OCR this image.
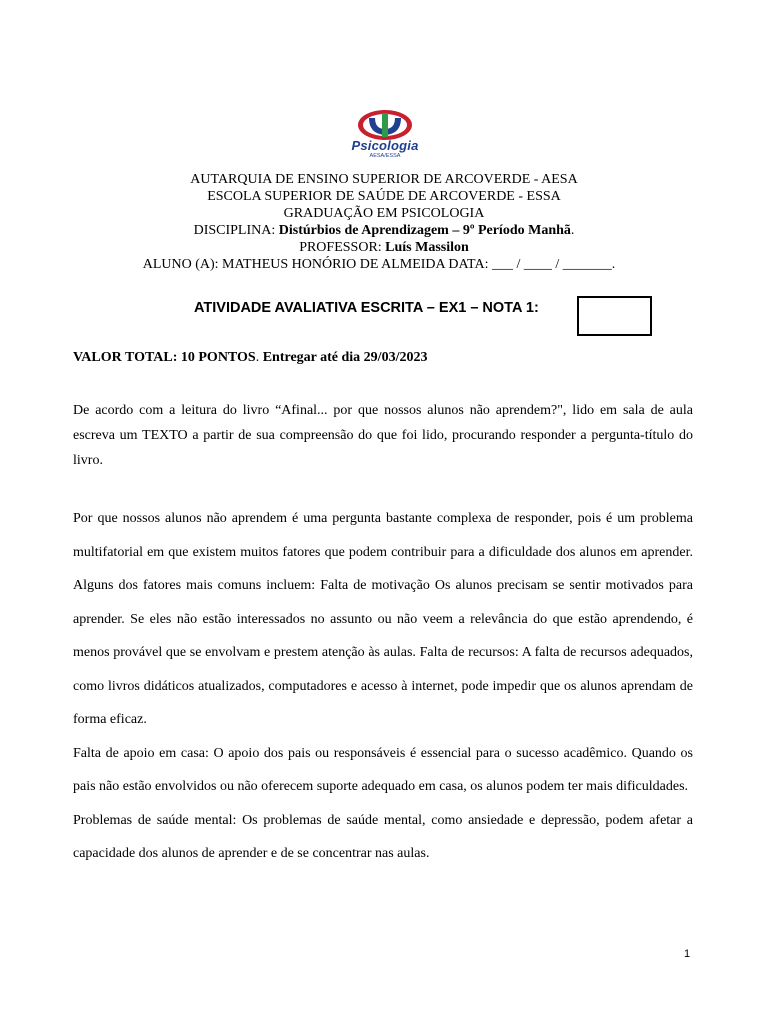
Psicologia
AESA/ESSA
AUTARQUIA DE ENSINO SUPERIOR DE ARCOVERDE - AESA
ESCOLA SUPERIOR DE SAÚDE DE ARCOVERDE - ESSA
GRADUAÇÃO EM PSICOLOGIA
DISCIPLINA: Distúrbios de Aprendizagem – 9º Período Manhã.
PROFESSOR: Luís Massilon
ALUNO (A): MATHEUS HONÓRIO DE ALMEIDA DATA: ___ / ____ / _______.
ATIVIDADE AVALIATIVA ESCRITA – EX1 – NOTA 1:
VALOR TOTAL: 10 PONTOS. Entregar até dia 29/03/2023
De acordo com a leitura do livro “Afinal... por que nossos alunos não aprendem?", lido em sala de aula escreva um TEXTO a partir de sua compreensão do que foi lido, procurando responder a pergunta-título do livro.

Por que nossos alunos não aprendem é uma pergunta bastante complexa de responder, pois é um problema multifatorial em que existem muitos fatores que podem contribuir para a dificuldade dos alunos em aprender. Alguns dos fatores mais comuns incluem: Falta de motivação Os alunos precisam se sentir motivados para aprender. Se eles não estão interessados no assunto ou não veem a relevância do que estão aprendendo, é menos provável que se envolvam e prestem atenção às aulas. Falta de recursos: A falta de recursos adequados, como livros didáticos atualizados, computadores e acesso à internet, pode impedir que os alunos aprendam de forma eficaz.

Falta de apoio em casa: O apoio dos pais ou responsáveis é essencial para o sucesso acadêmico. Quando os pais não estão envolvidos ou não oferecem suporte adequado em casa, os alunos podem ter mais dificuldades.

Problemas de saúde mental: Os problemas de saúde mental, como ansiedade e depressão, podem afetar a capacidade dos alunos de aprender e de se concentrar nas aulas.

1
